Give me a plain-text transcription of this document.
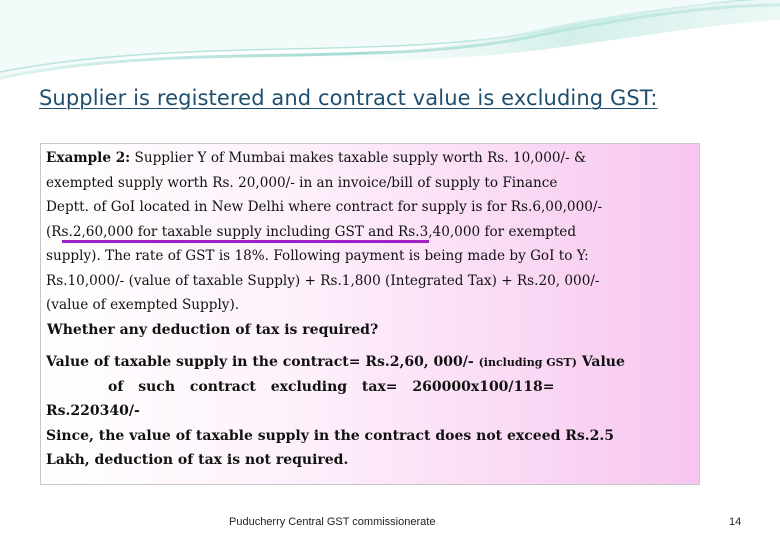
Supplier is registered and contract value is excluding GST:
Example 2: Supplier Y of Mumbai makes taxable supply worth Rs. 10,000/- &
exempted supply worth Rs. 20,000/- in an invoice/bill of supply to Finance
Deptt. of GoI located in New Delhi where contract for supply is for Rs.6,00,000/-
(Rs.2,60,000 for taxable supply including GST and Rs.3,40,000 for exempted
supply). The rate of GST is 18%. Following payment is being made by GoI to Y:
Rs.10,000/- (value of taxable Supply) + Rs.1,800 (Integrated Tax) + Rs.20, 000/-
(value of exempted Supply).
Whether any deduction of tax is required?
Value of taxable supply in the contract= Rs.2,60, 000/- (including GST) Value
of such contract excluding tax= 260000x100/118=
Rs.220340/-
Since, the value of taxable supply in the contract does not exceed Rs.2.5
Lakh, deduction of tax is not required.
Puducherry Central GST commissionerate	14
